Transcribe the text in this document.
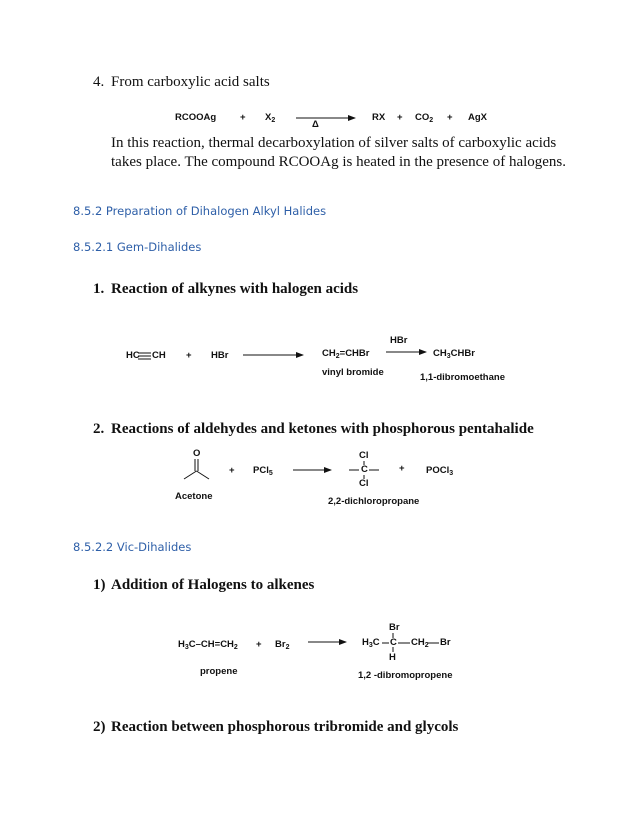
4. From carboxylic acid salts
RCOOAg	+ $X_2$	Δ
RX + $CO_2$ + AgX
In this reaction, thermal decarboxylation of silver salts of carboxylic acids takes place. The compound RCOOAg is heated in the presence of halogens.
8.5.2 Preparation of Dihalogen Alkyl Halides
8.5.2.1 Gem-Dihalides
1. Reaction of alkynes with halogen acids
HC CH + HBr	$CH_2=CHBr$
vinyl bromide
HBr
$CH_3CHBr$
1,1-dibromoethane
2. Reactions of aldehydes and ketones with phosphorous pentahalide
O
Acetone
+ PCl$_5$
Cl
C
Cl
2,2-dichloropropane
+ POCl$_3$
8.5.2.2 Vic-Dihalides
1) Addition of Halogens to alkenes
$H_3C-CH=CH_2 + Br_2$
propene
Br
$H_3C$ C $CH_2$ Br
H
1,2 -dibromopropene
2) Reaction between phosphorous tribromide and glycols
